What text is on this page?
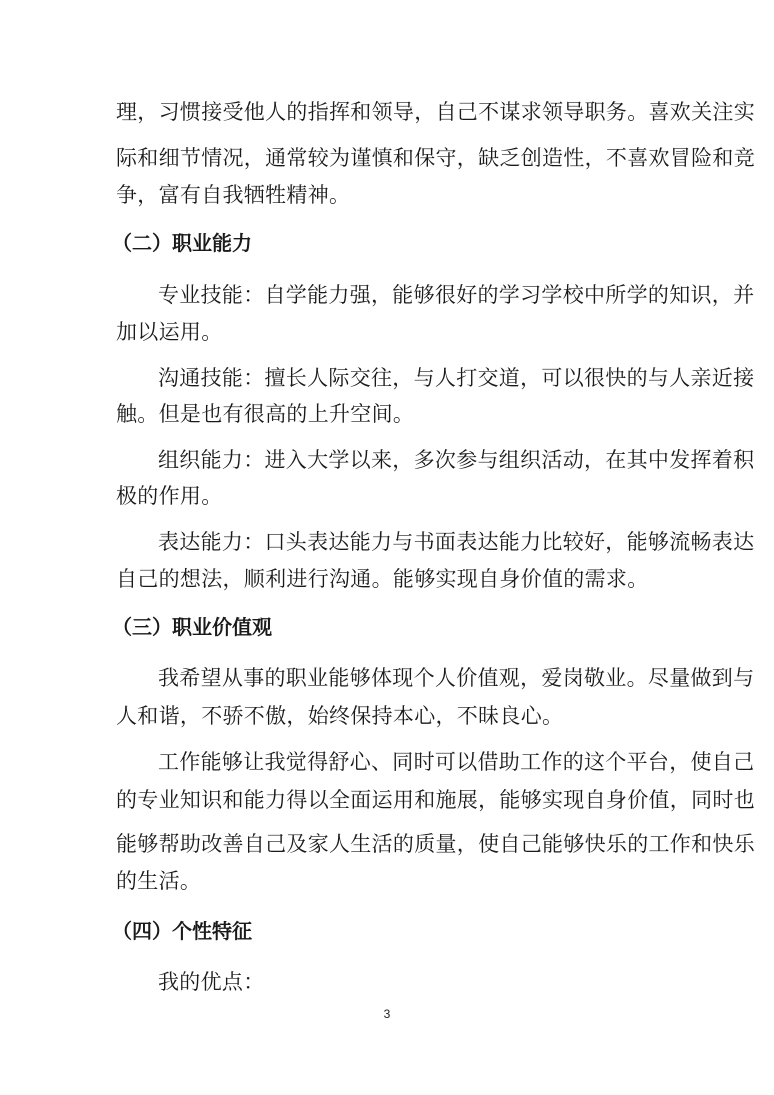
理，习惯接受他人的指挥和领导，自己不谋求领导职务。喜欢关注实
际和细节情况，通常较为谨慎和保守，缺乏创造性，不喜欢冒险和竞
争，富有自我牺牲精神。
（二）职业能力
专业技能：自学能力强，能够很好的学习学校中所学的知识，并
加以运用。
沟通技能：擅长人际交往，与人打交道，可以很快的与人亲近接
触。但是也有很高的上升空间。
组织能力：进入大学以来，多次参与组织活动，在其中发挥着积
极的作用。
表达能力：口头表达能力与书面表达能力比较好，能够流畅表达
自己的想法，顺利进行沟通。能够实现自身价值的需求。
（三）职业价值观
我希望从事的职业能够体现个人价值观，爱岗敬业。尽量做到与
人和谐，不骄不傲，始终保持本心，不昧良心。
工作能够让我觉得舒心、同时可以借助工作的这个平台，使自己
的专业知识和能力得以全面运用和施展，能够实现自身价值，同时也
能够帮助改善自己及家人生活的质量，使自己能够快乐的工作和快乐
的生活。
（四）个性特征
我的优点：
3
